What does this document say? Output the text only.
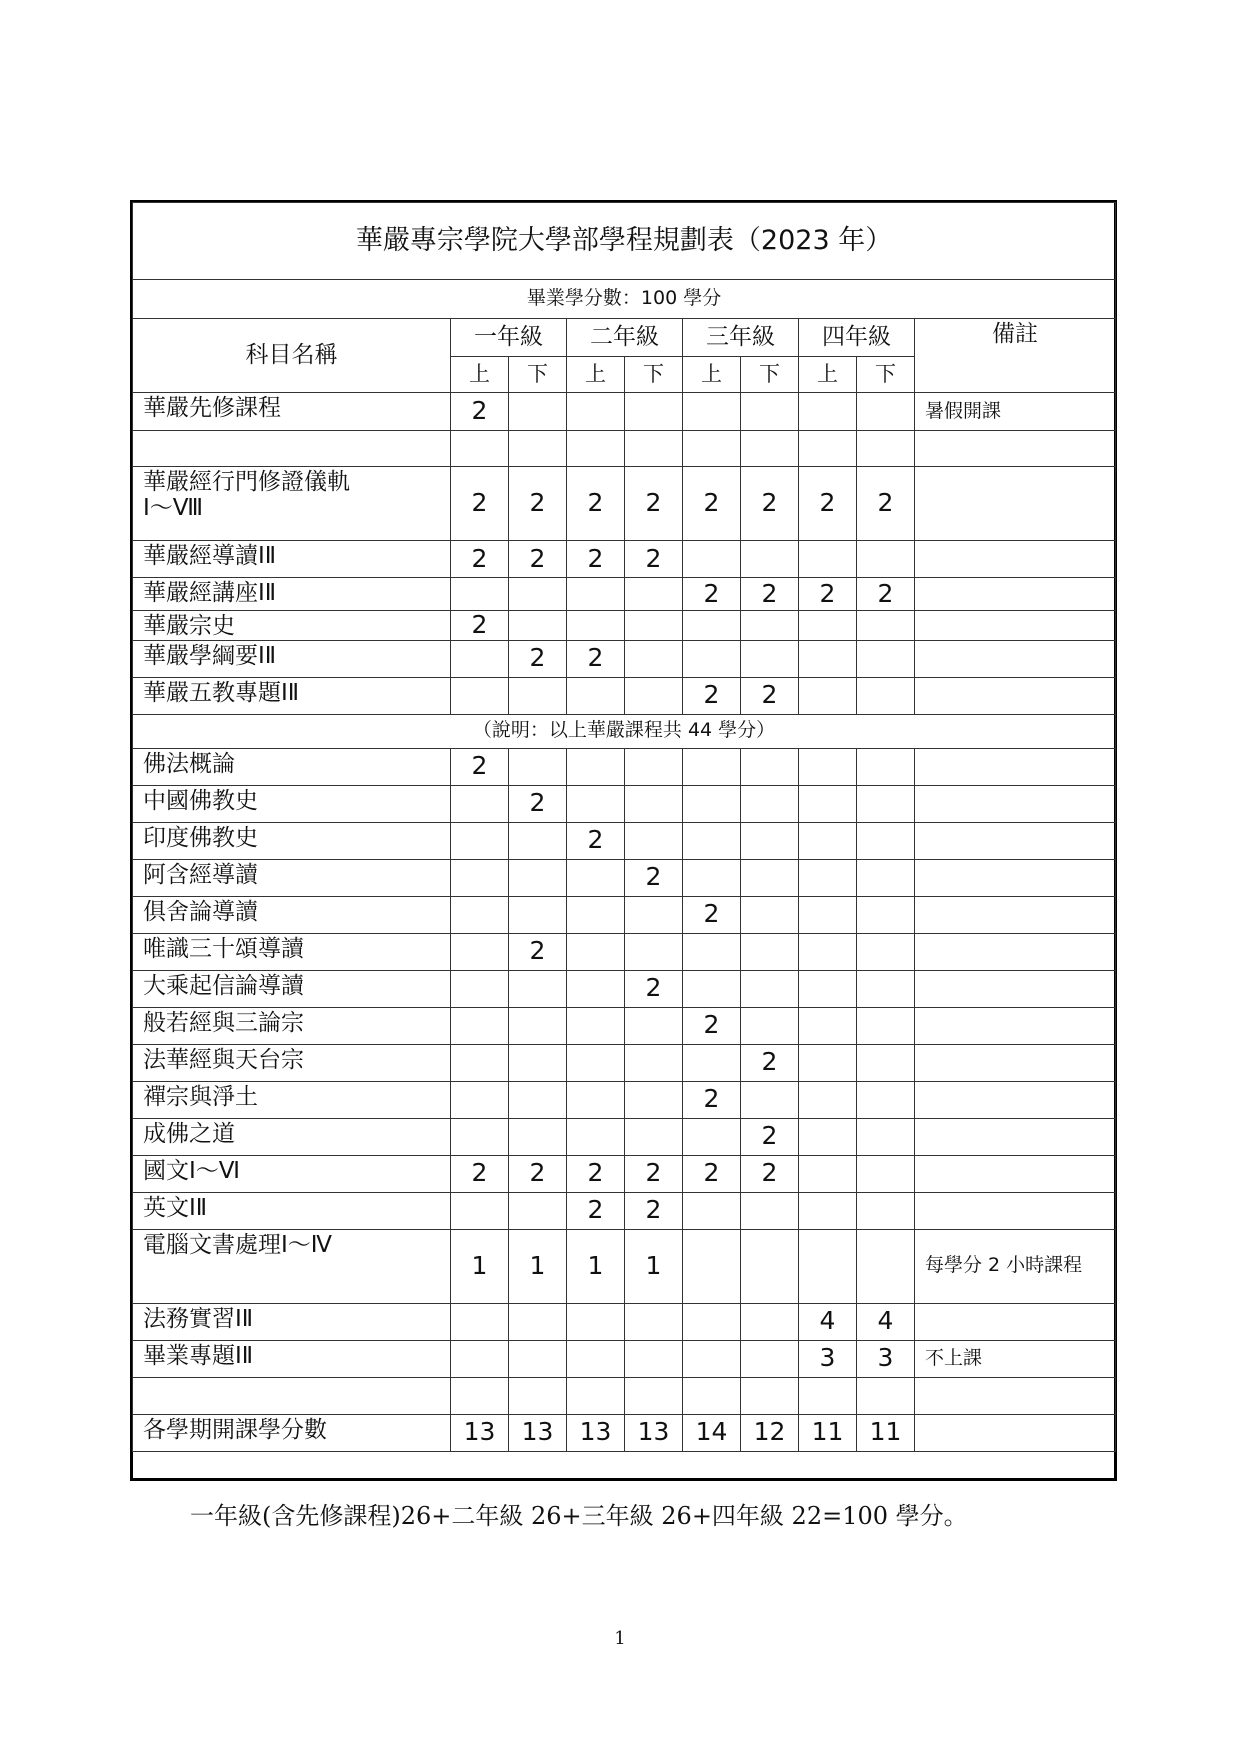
華嚴專宗學院大學部學程規劃表（2023 年）									
畢業學分數：100 學分									
科目名稱	一年級		二年級		三年級		四年級		備註
	上	下	上	下	上	下	上	下	
華嚴先修課程	2								暑假開課

華嚴經行門修證儀軌
Ⅰ～Ⅷ	2	2	2	2	2	2	2	2	
華嚴經導讀ⅠⅡ	2	2	2	2					
華嚴經講座ⅠⅡ					2	2	2	2	
華嚴宗史	2								
華嚴學綱要ⅠⅡ		2	2						
華嚴五教專題ⅠⅡ					2	2			
（說明：以上華嚴課程共 44 學分）									
佛法概論	2								
中國佛教史		2							
印度佛教史			2						
阿含經導讀				2					
俱舍論導讀					2				
唯識三十頌導讀		2							
大乘起信論導讀				2					
般若經與三論宗					2				
法華經與天台宗						2			
禪宗與淨土					2				
成佛之道						2			
國文Ⅰ～Ⅵ	2	2	2	2	2	2			
英文ⅠⅡ			2	2					
電腦文書處理Ⅰ～Ⅳ	1	1	1	1					每學分 2 小時課程
法務實習ⅠⅡ							4	4	
畢業專題ⅠⅡ							3	3	不上課

各學期開課學分數	13	13	13	13	14	12	11	11	
一年級(含先修課程)26+二年級 26+三年級 26+四年級 22=100 學分。
1
